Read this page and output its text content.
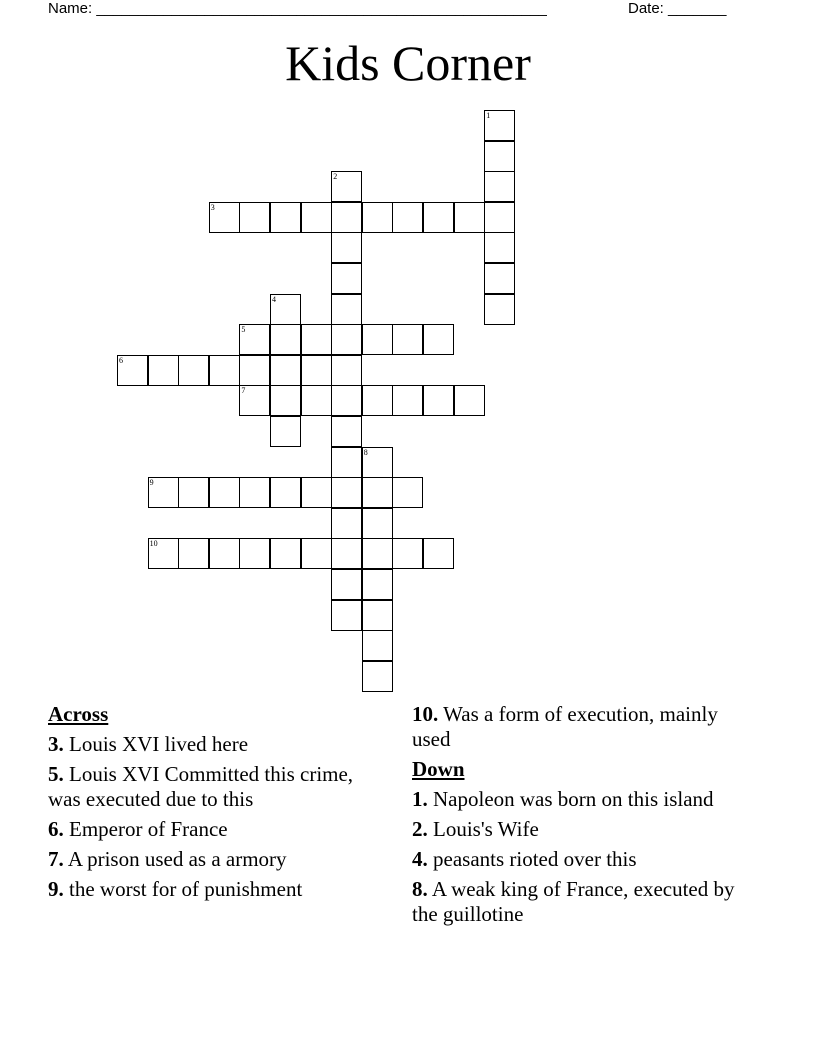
Name: ______________________________________________________	Date: _______
Kids Corner
1
2
3
4
5
6
7
8
9
10
Across
3. Louis XVI lived here
5. Louis XVI Committed this crime, was executed due to this
6. Emperor of France
7. A prison used as a armory
9. the worst for of punishment
10. Was a form of execution, mainly used
Down
1. Napoleon was born on this island
2. Louis's Wife
4. peasants rioted over this
8. A weak king of France, executed by the guillotine
